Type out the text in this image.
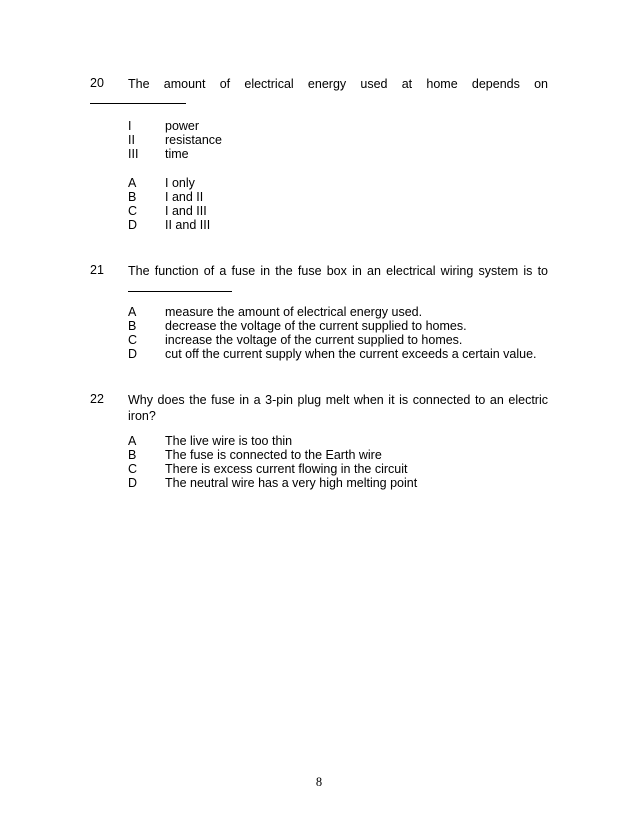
20 The amount of electrical energy used at home depends on
I	power
II resistance
III time
A I only
B I and II
C I and III
D II and III
21 The function of a fuse in the fuse box in an electrical wiring system is to
A measure the amount of electrical energy used.
B decrease the voltage of the current supplied to homes.
C increase the voltage of the current supplied to homes.
D cut off the current supply when the current exceeds a certain value.
22 Why does the fuse in a 3-pin plug melt when it is connected to an electric iron?
A The live wire is too thin
B The fuse is connected to the Earth wire
C There is excess current flowing in the circuit
D The neutral wire has a very high melting point
8
